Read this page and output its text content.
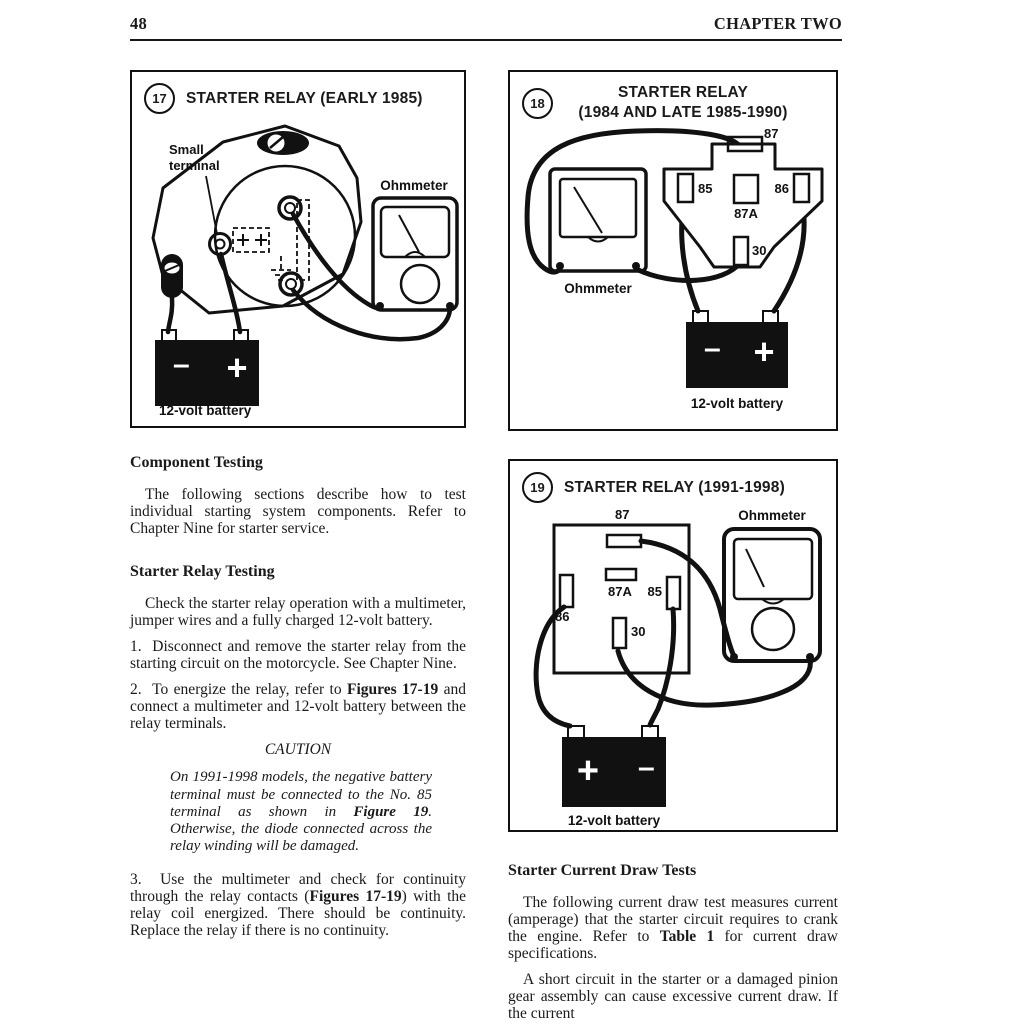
48	CHAPTER TWO
17	STARTER RELAY (EARLY 1985)
Small
terminal
Ohmmeter
– +
12-volt battery
Component Testing

The following sections describe how to test individual starting system components. Refer to Chapter Nine for starter service.

Starter Relay Testing

Check the starter relay operation with a multimeter, jumper wires and a fully charged 12-volt battery.

1.  Disconnect and remove the starter relay from the starting circuit on the motorcycle. See Chapter Nine.

2.  To energize the relay, refer to Figures 17-19 and connect a multimeter and 12-volt battery between the relay terminals.

CAUTION

On 1991-1998 models, the negative battery terminal must be connected to the No. 85 terminal as shown in Figure 19. Otherwise, the diode connected across the relay winding will be damaged.

3.  Use the multimeter and check for continuity through the relay contacts (Figures 17-19) with the relay coil energized. There should be continuity. Replace the relay if there is no continuity.

18
STARTER RELAY
(1984 AND LATE 1985-1990)
87
85	86
87A
30
Ohmmeter
– +
12-volt battery
19	STARTER RELAY (1991-1998)
87
87A 85
86
30
Ohmmeter
+ –
12-volt battery
Starter Current Draw Tests

The following current draw test measures current (amperage) that the starter circuit requires to crank the engine. Refer to Table 1 for current draw specifications.

A short circuit in the starter or a damaged pinion gear assembly can cause excessive current draw. If the current
